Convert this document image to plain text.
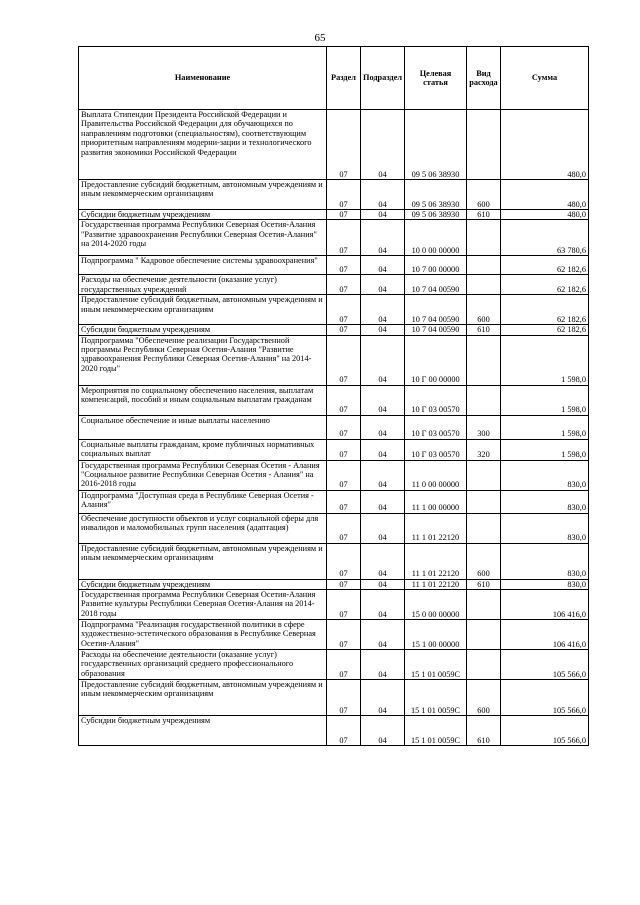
65
Наименование	Раздел	Подраздел	Целевая статья	Вид расхода	Сумма
Выплата Стипендии Президента Российской Федерации и Правительства Российской Федерации для обучающихся по направлениям подготовки (специальностям), соответствующим приоритетным направлениям модерни-зации и технологического развития экономики Российской Федерации	07	04	09 5 06 38930		480,0
Предоставление субсидий бюджетным, автономным учреждениям и иным некоммерческим организациям	07	04	09 5 06 38930	600	480,0
Субсидии бюджетным учреждениям	07	04	09 5 06 38930	610	480,0
Государственная программа Республики Северная Осетия-Алания "Развитие здравоохранения Республики Северная Осетия-Алания" на 2014-2020 годы	07	04	10 0 00 00000		63 780,6
Подпрограмма " Кадровое обеспечение системы здравоохранения"	07	04	10 7 00 00000		62 182,6
Расходы на обеспечение деятельности (оказание услуг) государственных учреждений	07	04	10 7 04 00590		62 182,6
Предоставление субсидий бюджетным, автономным учреждениям и иным некоммерческим организациям	07	04	10 7 04 00590	600	62 182,6
Субсидии бюджетным учреждениям	07	04	10 7 04 00590	610	62 182,6
Подпрограмма "Обеспечение реализации Государственной программы Республики Северная Осетия-Алания "Развитие здравоохранения Республики Северная Осетия-Алания" на 2014-2020 годы"	07	04	10 Г 00 00000		1 598,0
Мероприятия по социальному обеспечению населения, выплатам компенсаций, пособий и иным социальным выплатам гражданам	07	04	10 Г 03 00570		1 598,0
Социальное обеспечение и иные выплаты населению	07	04	10 Г 03 00570	300	1 598,0
Социальные выплаты гражданам, кроме публичных нормативных социальных выплат	07	04	10 Г 03 00570	320	1 598,0
Государственная программа Республики Северная Осетия - Алания "Социальное развитие Республики Северная Осетия - Алания" на 2016-2018 годы	07	04	11 0 00 00000		830,0
Подпрограмма "Доступная среда в Республике Северная Осетия - Алания"	07	04	11 1 00 00000		830,0
Обеспечение доступности объектов и услуг социальной сферы для инвалидов и маломобильных групп населения (адаптация)	07	04	11 1 01 22120		830,0
Предоставление субсидий бюджетным, автономным учреждениям и иным некоммерческим организациям	07	04	11 1 01 22120	600	830,0
Субсидии бюджетным учреждениям	07	04	11 1 01 22120	610	830,0
Государственная программа Республики Северная Осетия-Алания Развитие культуры Республики Северная Осетия-Алания на 2014-2018 годы	07	04	15 0 00 00000		106 416,0
Подпрограмма "Реализация государственной политики в сфере художественно-эстетического образования в Республике Северная Осетия-Алания"	07	04	15 1 00 00000		106 416,0
Расходы на обеспечение деятельности (оказание услуг) государственных организаций среднего профессионального образования	07	04	15 1 01 0059С		105 566,0
Предоставление субсидий бюджетным, автономным учреждениям и иным некоммерческим организациям	07	04	15 1 01 0059С	600	105 566,0
Субсидии бюджетным учреждениям	07	04	15 1 01 0059С	610	105 566,0
